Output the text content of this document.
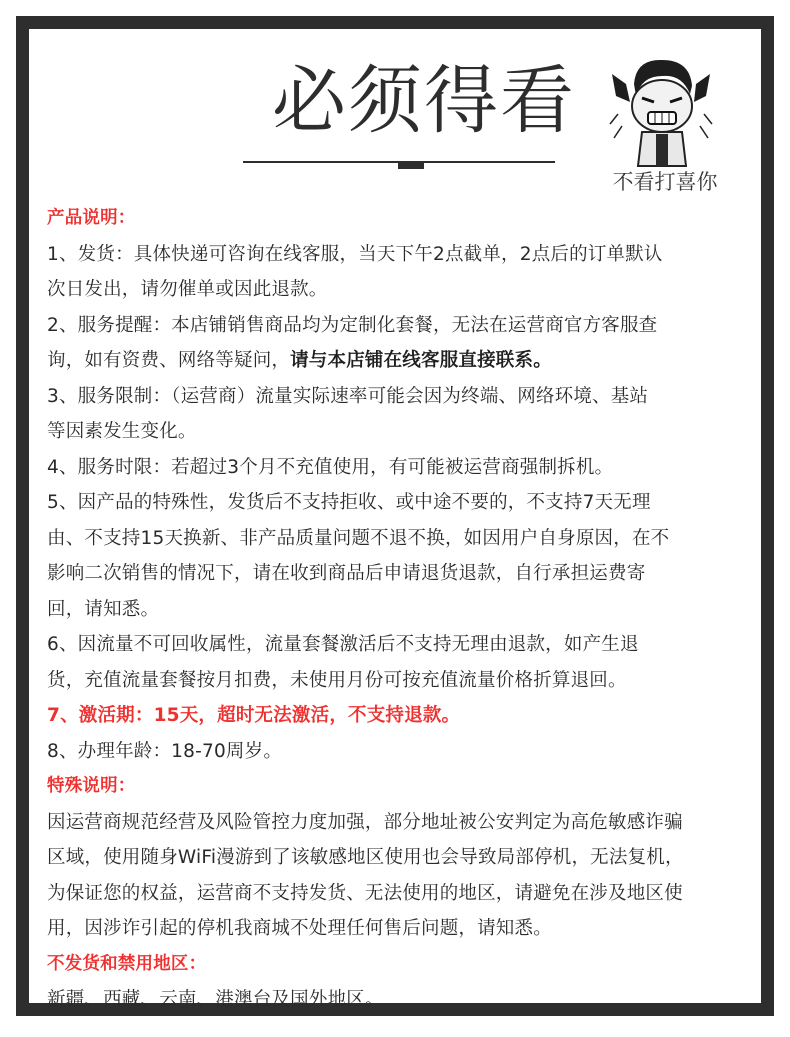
必须得看
不看打喜你
产品说明：
1、发货：具体快递可咨询在线客服，当天下午2点截单，2点后的订单默认
次日发出，请勿催单或因此退款。
2、服务提醒：本店铺销售商品均为定制化套餐，无法在运营商官方客服查
询，如有资费、网络等疑问，请与本店铺在线客服直接联系。
3、服务限制：（运营商）流量实际速率可能会因为终端、网络环境、基站
等因素发生变化。
4、服务时限：若超过3个月不充值使用，有可能被运营商强制拆机。
5、因产品的特殊性，发货后不支持拒收、或中途不要的，不支持7天无理
由、不支持15天换新、非产品质量问题不退不换，如因用户自身原因，在不
影响二次销售的情况下，请在收到商品后申请退货退款，自行承担运费寄
回，请知悉。
6、因流量不可回收属性，流量套餐激活后不支持无理由退款，如产生退
货，充值流量套餐按月扣费，未使用月份可按充值流量价格折算退回。
7、激活期：15天，超时无法激活，不支持退款。
8、办理年龄：18-70周岁。
特殊说明：
因运营商规范经营及风险管控力度加强，部分地址被公安判定为高危敏感诈骗
区域，使用随身WiFi漫游到了该敏感地区使用也会导致局部停机，无法复机，
为保证您的权益，运营商不支持发货、无法使用的地区，请避免在涉及地区使
用，因涉诈引起的停机我商城不处理任何售后问题，请知悉。
不发货和禁用地区：
新疆、西藏、云南、港澳台及国外地区。
